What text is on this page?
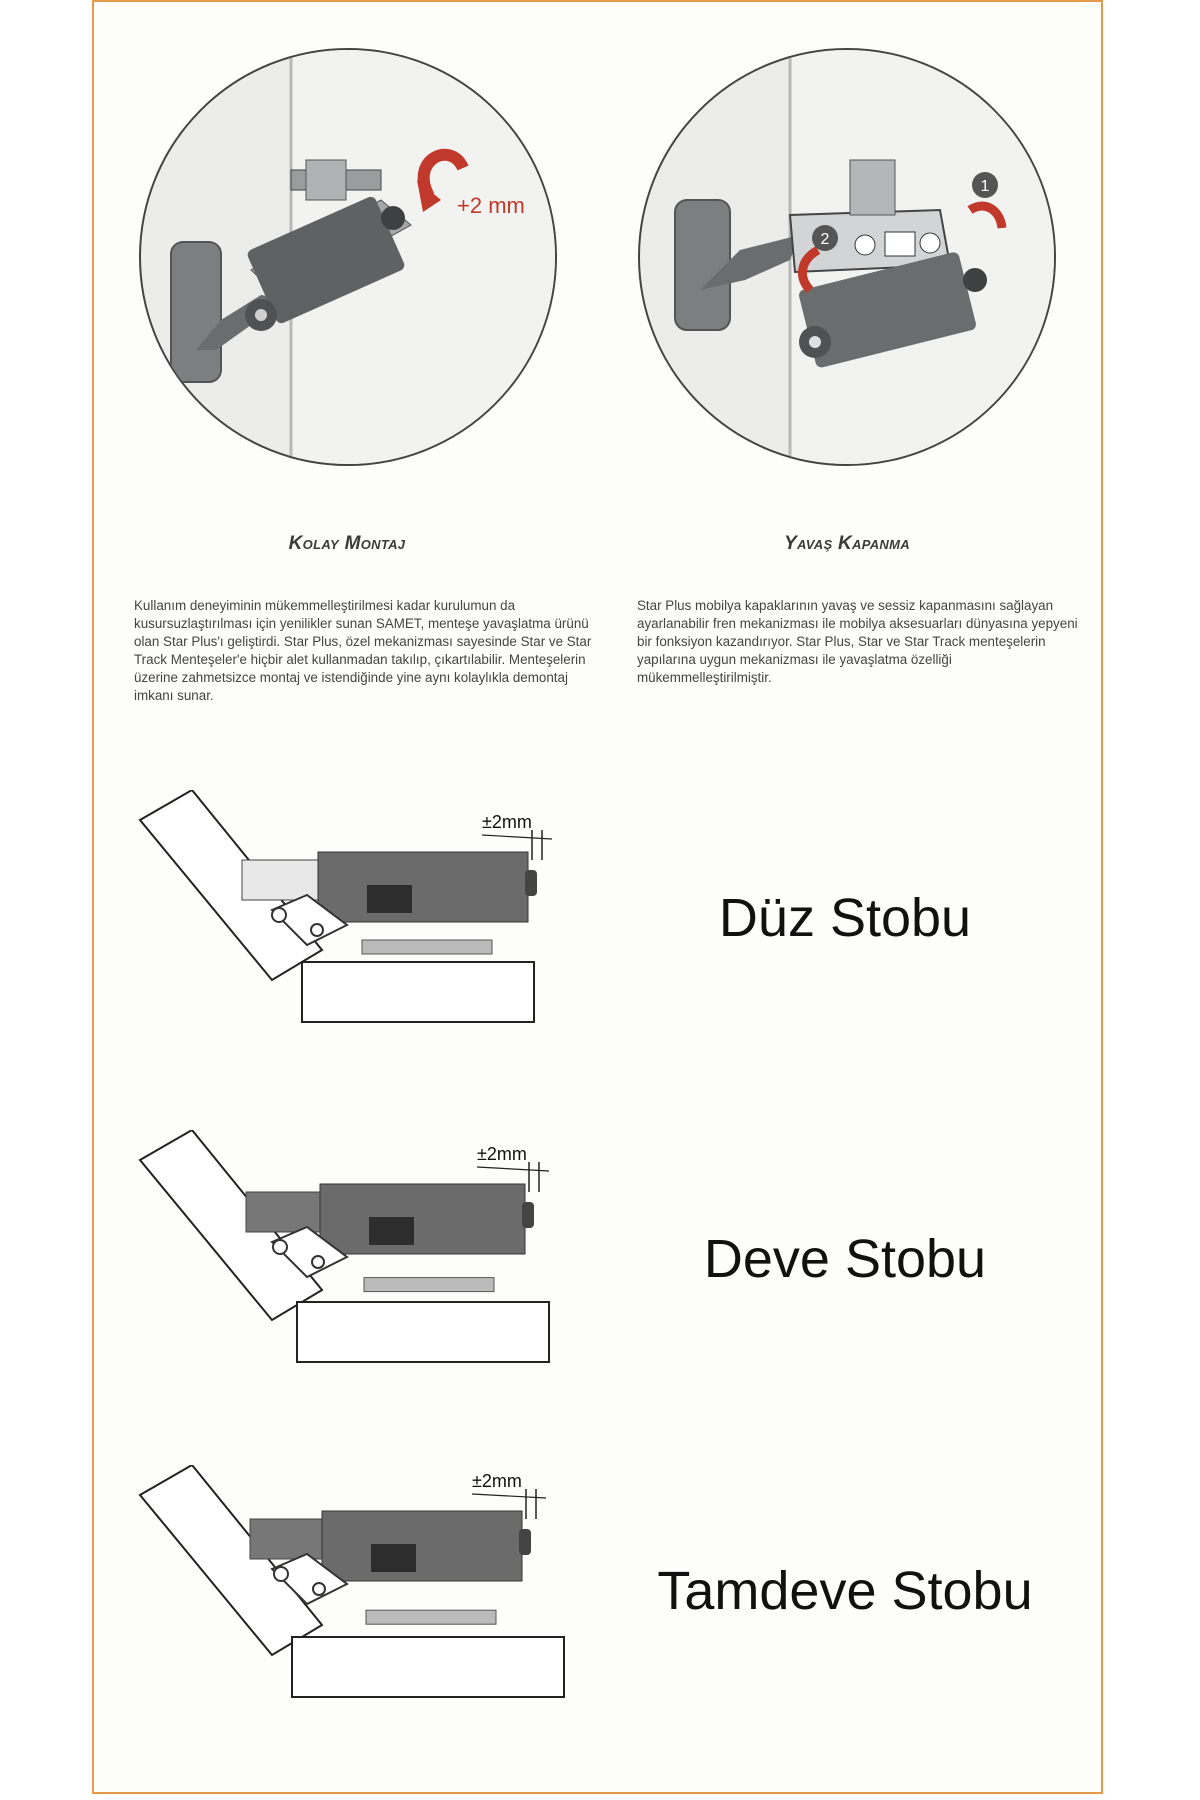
+2 mm
1
2
Kolay Montaj	Yavaş Kapanma

Kullanım deneyiminin mükemmelleştirilmesi kadar kurulumun da kusursuzlaştırılması için yenilikler sunan SAMET, menteşe yavaşlatma ürünü olan Star Plus'ı geliştirdi. Star Plus, özel mekanizması sayesinde Star ve Star Track Menteşeler'e hiçbir alet kullanmadan takılıp, çıkartılabilir. Menteşelerin üzerine zahmetsizce montaj ve istendiğinde yine aynı kolaylıkla demontaj imkanı sunar.

Star Plus mobilya kapaklarının yavaş ve sessiz kapanmasını sağlayan ayarlanabilir fren mekanizması ile mobilya aksesuarları dünyasına yepyeni bir fonksiyon kazandırıyor. Star Plus, Star ve Star Track menteşelerin yapılarına uygun mekanizması ile yavaşlatma özelliği mükemmelleştirilmiştir.

±2mm
±2mm
±2mm
Düz Stobu
Deve Stobu
Tamdeve Stobu
